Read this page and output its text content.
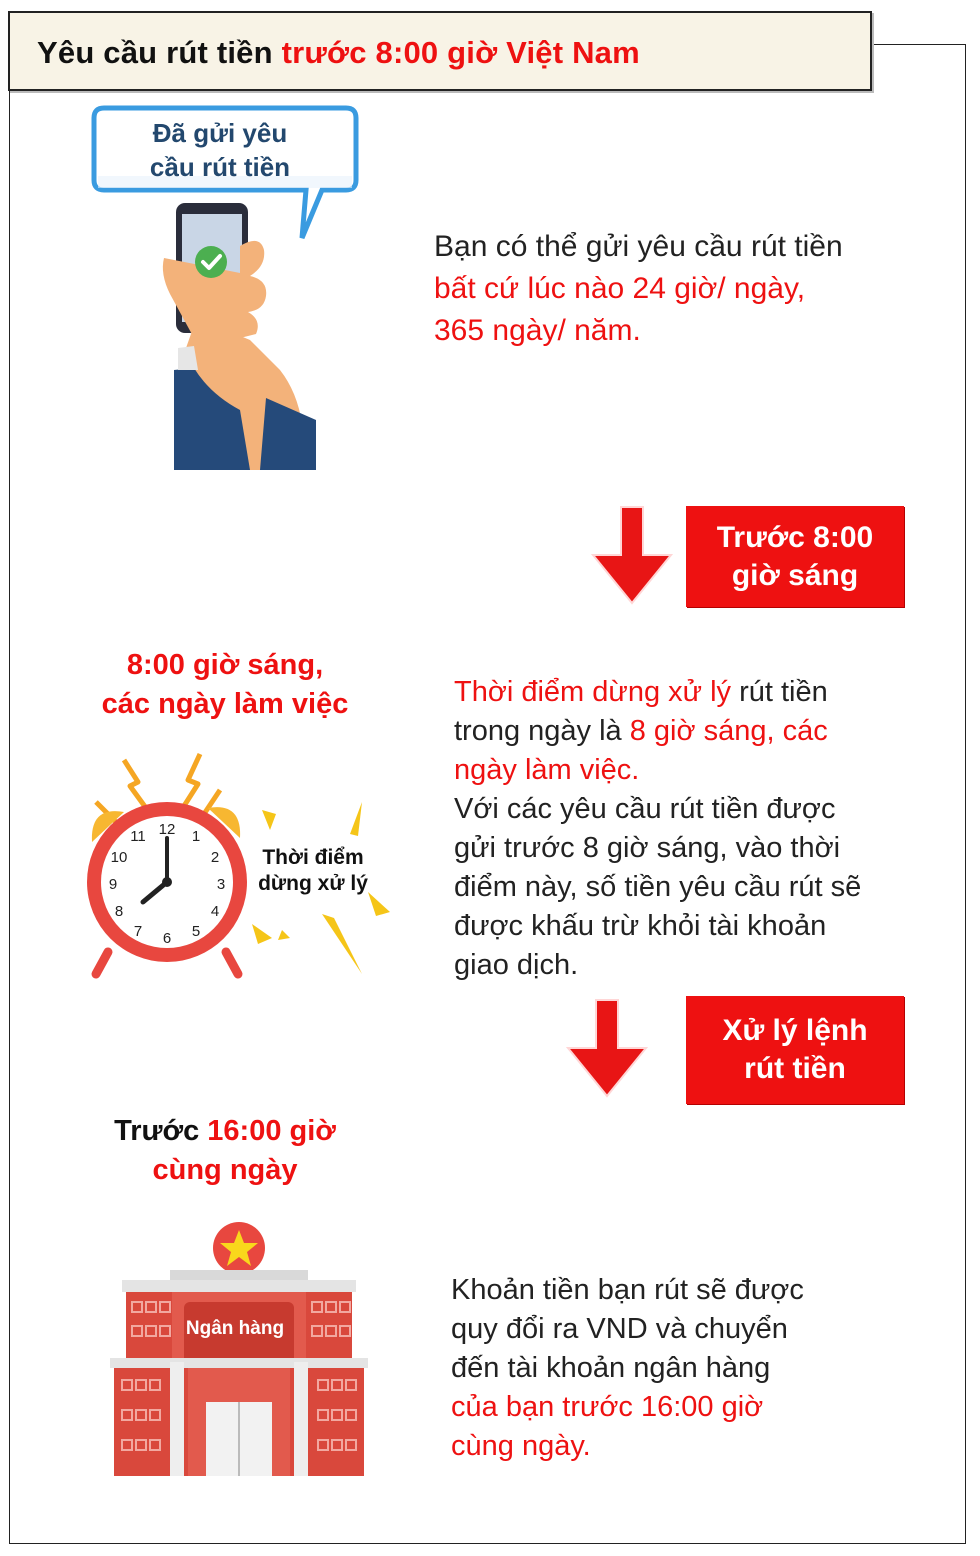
Yêu cầu rút tiền trước 8:00 giờ Việt Nam
Đã gửi yêu
cầu rút tiền
Bạn có thể gửi yêu cầu rút tiền
bất cứ lúc nào 24 giờ/ ngày,
365 ngày/ năm.
Trước 8:00
giờ sáng
8:00 giờ sáng,
các ngày làm việc
12 1
2
3
4
5
6
7
8
9
10
11
Thời điểm
dừng xử lý
Thời điểm dừng xử lý rút tiền
trong ngày là 8 giờ sáng, các
ngày làm việc.
Với các yêu cầu rút tiền được
gửi trước 8 giờ sáng, vào thời
điểm này, số tiền yêu cầu rút sẽ
được khấu trừ khỏi tài khoản
giao dịch.
Xử lý lệnh
rút tiền
Trước 16:00 giờ
cùng ngày
Ngân hàng
Khoản tiền bạn rút sẽ được
quy đổi ra VND và chuyển
đến tài khoản ngân hàng
của bạn trước 16:00 giờ
cùng ngày.
